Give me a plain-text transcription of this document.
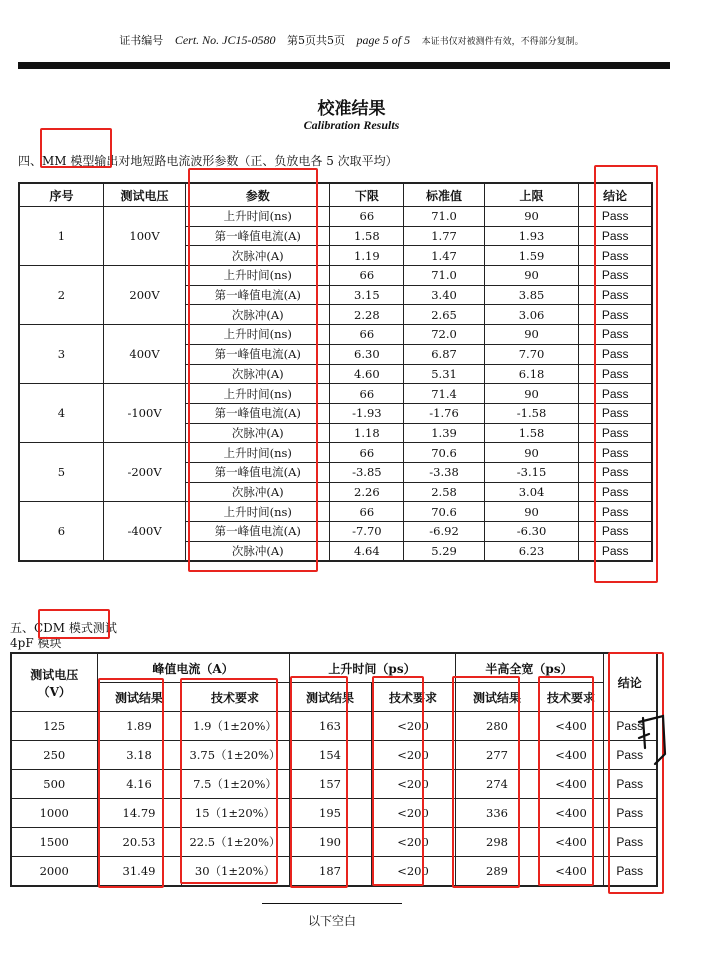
证书编号 Cert. No. JC15-0580 第5页共5页 page 5 of 5 本证书仅对被测件有效，不得部分复制。
校准结果
Calibration Results
四、MM 模型输出对地短路电流波形参数（正、负放电各 5 次取平均）
序号	测试电压	参数	下限	标准值	上限	结论
1	100V	上升时间(ns)	66	71.0	90	Pass
		第一峰值电流(A)	1.58	1.77	1.93	Pass
		次脉冲(A)	1.19	1.47	1.59	Pass
2	200V	上升时间(ns)	66	71.0	90	Pass
		第一峰值电流(A)	3.15	3.40	3.85	Pass
		次脉冲(A)	2.28	2.65	3.06	Pass
3	400V	上升时间(ns)	66	72.0	90	Pass
		第一峰值电流(A)	6.30	6.87	7.70	Pass
		次脉冲(A)	4.60	5.31	6.18	Pass
4	-100V	上升时间(ns)	66	71.4	90	Pass
		第一峰值电流(A)	-1.93	-1.76	-1.58	Pass
		次脉冲(A)	1.18	1.39	1.58	Pass
5	-200V	上升时间(ns)	66	70.6	90	Pass
		第一峰值电流(A)	-3.85	-3.38	-3.15	Pass
		次脉冲(A)	2.26	2.58	3.04	Pass
6	-400V	上升时间(ns)	66	70.6	90	Pass
		第一峰值电流(A)	-7.70	-6.92	-6.30	Pass
		次脉冲(A)	4.64	5.29	6.23	Pass
五、CDM 模式测试
4pF 模块
测试电压
（V）	峰值电流（A）		上升时间（ps）		半高全宽（ps）		结论
	测试结果	技术要求	测试结果	技术要求	测试结果	技术要求	
125	1.89	1.9（1±20%）	163	<200	280	<400	Pass
250	3.18	3.75（1±20%）	154	<200	277	<400	Pass
500	4.16	7.5（1±20%）	157	<200	274	<400	Pass
1000	14.79	15（1±20%）	195	<200	336	<400	Pass
1500	20.53	22.5（1±20%）	190	<200	298	<400	Pass
2000	31.49	30（1±20%）	187	<200	289	<400	Pass
以下空白
